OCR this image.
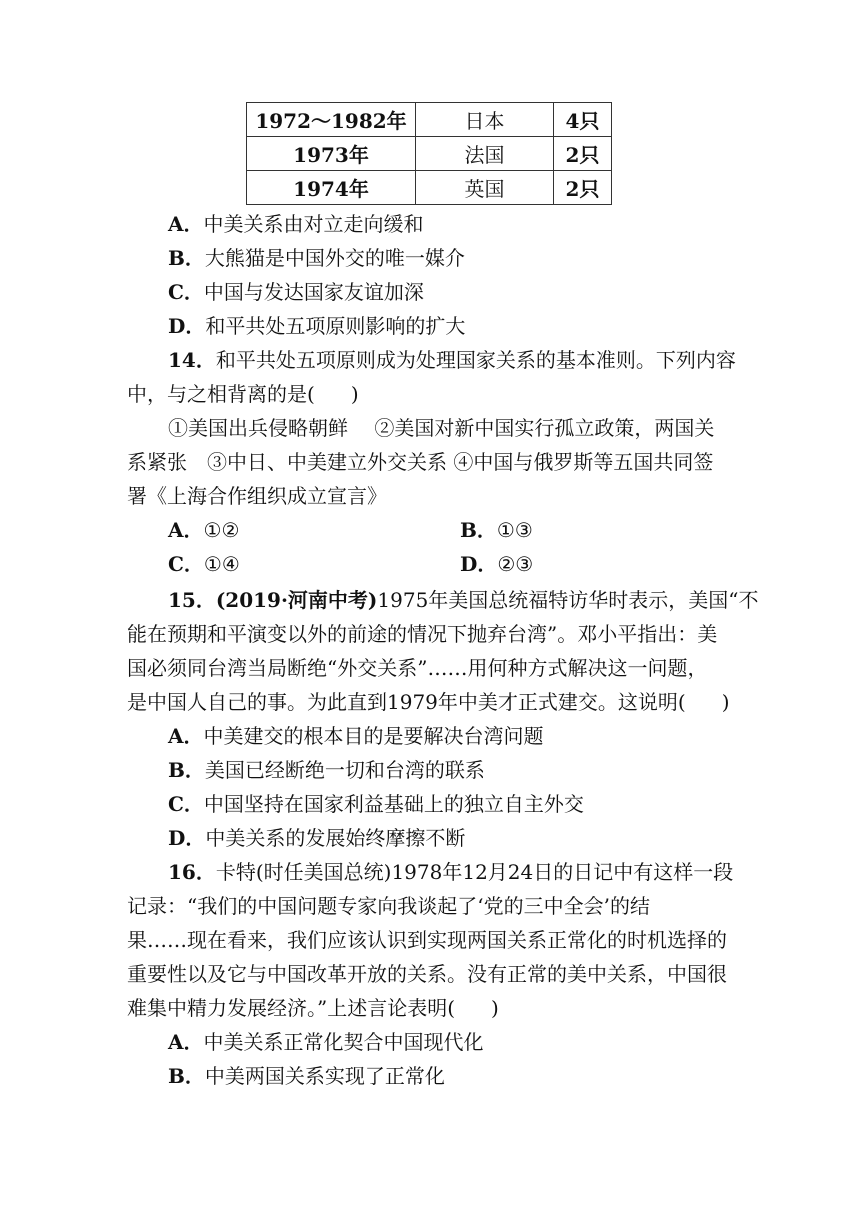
1972～1982年	日本	4只
1973年	法国	2只
1974年	英国	2只
A．中美关系由对立走向缓和
B．大熊猫是中国外交的唯一媒介
C．中国与发达国家友谊加深
D．和平共处五项原则影响的扩大
14．和平共处五项原则成为处理国家关系的基本准则。下列内容
中，与之相背离的是( )
①美国出兵侵略朝鲜　 ②美国对新中国实行孤立政策，两国关
系紧张　③中日、中美建立外交关系 ④中国与俄罗斯等五国共同签
署《上海合作组织成立宣言》
A．①②	B．①③
C．①④	D．②③
15．(2019·河南中考)1975年美国总统福特访华时表示，美国“不
能在预期和平演变以外的前途的情况下抛弃台湾”。邓小平指出：美
国必须同台湾当局断绝“外交关系”……用何种方式解决这一问题，
是中国人自己的事。为此直到1979年中美才正式建交。这说明( )
A．中美建交的根本目的是要解决台湾问题
B．美国已经断绝一切和台湾的联系
C．中国坚持在国家利益基础上的独立自主外交
D．中美关系的发展始终摩擦不断
16．卡特(时任美国总统)1978年12月24日的日记中有这样一段
记录：“我们的中国问题专家向我谈起了‘党的三中全会’的结
果……现在看来，我们应该认识到实现两国关系正常化的时机选择的
重要性以及它与中国改革开放的关系。没有正常的美中关系，中国很
难集中精力发展经济。”上述言论表明( )
A．中美关系正常化契合中国现代化
B．中美两国关系实现了正常化
